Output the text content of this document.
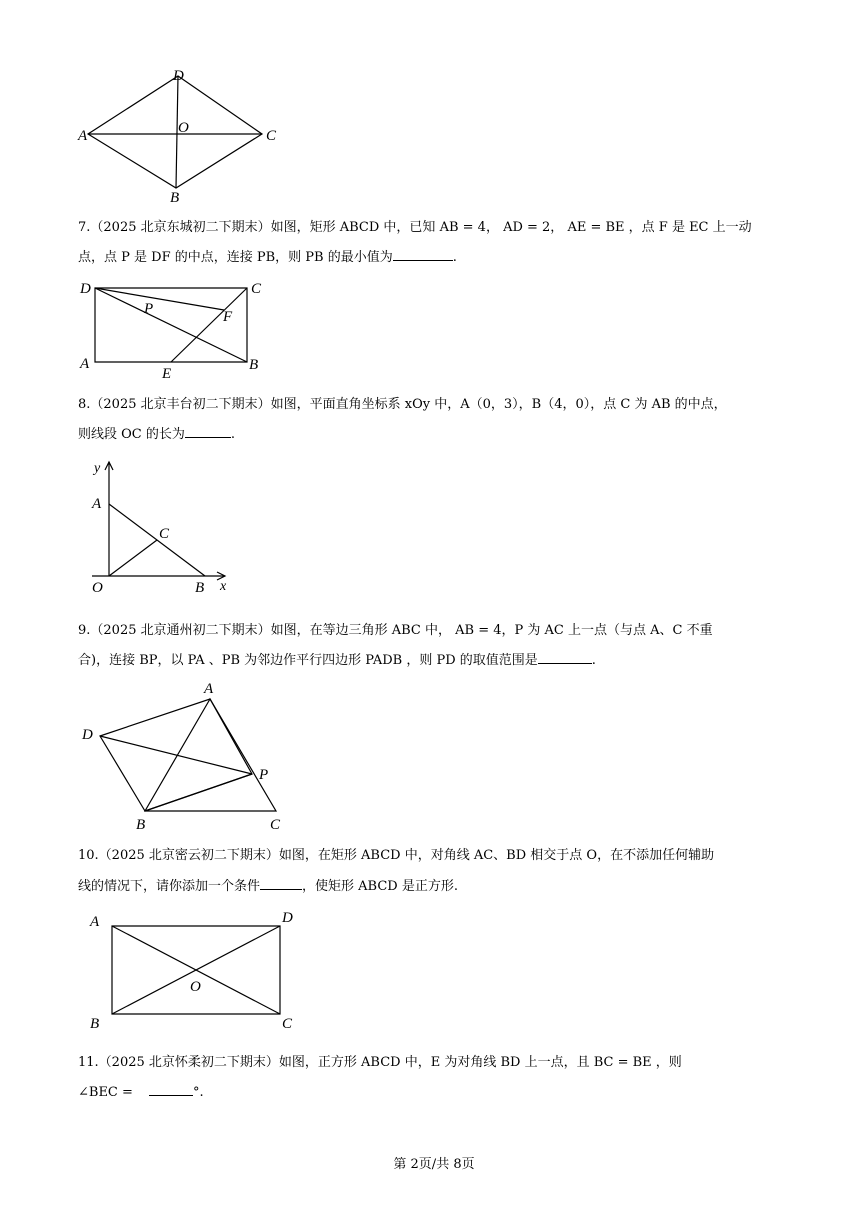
D
A	O	C
B
7.（2025 北京东城初二下期末）如图，矩形 ABCD 中，已知 AB = 4， AD = 2， AE = BE ，点 F 是 EC 上一动
点，点 P 是 DF 的中点，连接 PB，则 PB 的最小值为	.
D	C
P	F
A
E
B
8.（2025 北京丰台初二下期末）如图，平面直角坐标系 xOy 中，A（0，3），B（4，0），点 C 为 AB 的中点，
则线段 OC 的长为	.
y
A
C
O	B x
9.（2025 北京通州初二下期末）如图，在等边三角形 ABC 中， AB = 4，P 为 AC 上一点（与点 A、C 不重
合)，连接 BP，以 PA 、PB 为邻边作平行四边形 PADB ，则 PD 的取值范围是	.
A
D
P
B	C
10.（2025 北京密云初二下期末）如图，在矩形 ABCD 中，对角线 AC、BD 相交于点 O，在不添加任何辅助
线的情况下，请你添加一个条件	，使矩形 ABCD 是正方形.
A	D
O
B	C
11.（2025 北京怀柔初二下期末）如图，正方形 ABCD 中，E 为对角线 BD 上一点，且 BC = BE ，则
∠BEC =	°.
第 2页/共 8页
